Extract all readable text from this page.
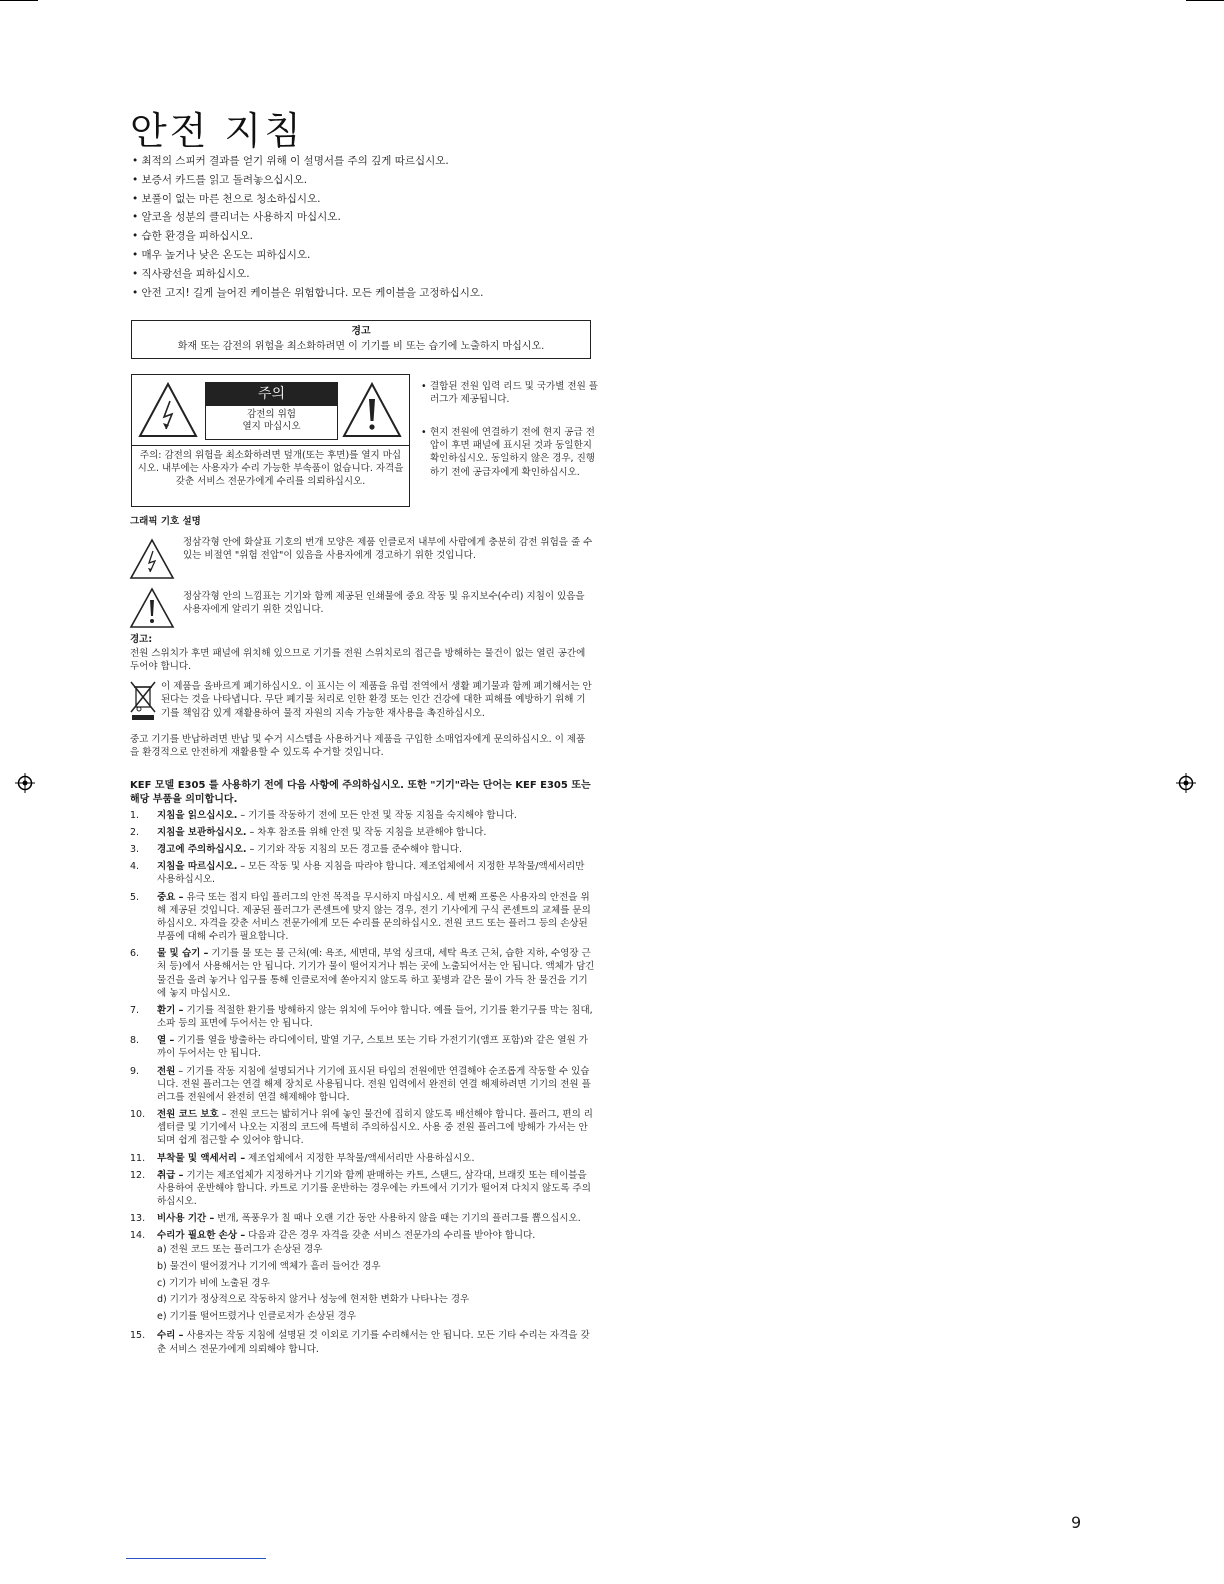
안전 지침
• 최적의 스피커 결과를 얻기 위해 이 설명서를 주의 깊게 따르십시오.
• 보증서 카드를 읽고 돌려놓으십시오.
• 보풀이 없는 마른 천으로 청소하십시오.
• 알코올 성분의 클리너는 사용하지 마십시오.
• 습한 환경을 피하십시오.
• 매우 높거나 낮은 온도는 피하십시오.
• 직사광선을 피하십시오.
• 안전 고지! 길게 늘어진 케이블은 위험합니다. 모든 케이블을 고정하십시오.
경고
화재 또는 감전의 위험을 최소화하려면 이 기기를 비 또는 습기에 노출하지 마십시오.
주의
감전의 위험
열지 마십시오
주의: 감전의 위험을 최소화하려면 덮개(또는 후면)를 열지 마십시오. 내부에는 사용자가 수리 가능한 부속품이 없습니다. 자격을 갖춘 서비스 전문가에게 수리를 의뢰하십시오.
• 결합된 전원 입력 리드 및 국가별 전원 플러그가 제공됩니다.
• 현지 전원에 연결하기 전에 현지 공급 전압이 후면 패널에 표시된 것과 동일한지 확인하십시오. 동일하지 않은 경우, 진행하기 전에 공급자에게 확인하십시오.
그래픽 기호 설명
정삼각형 안에 화살표 기호의 번개 모양은 제품 인클로저 내부에 사람에게 충분히 감전 위험을 줄 수 있는 비절연 "위험 전압"이 있음을 사용자에게 경고하기 위한 것입니다.
정삼각형 안의 느낌표는 기기와 함께 제공된 인쇄물에 중요 작동 및 유지보수(수리) 지침이 있음을 사용자에게 알리기 위한 것입니다.
경고:
전원 스위치가 후면 패널에 위치해 있으므로 기기를 전원 스위치로의 접근을 방해하는 물건이 없는 열린 공간에 두어야 합니다.
이 제품을 올바르게 폐기하십시오. 이 표시는 이 제품을 유럽 전역에서 생활 폐기물과 함께 폐기해서는 안 된다는 것을 나타냅니다. 무단 폐기물 처리로 인한 환경 또는 인간 건강에 대한 피해를 예방하기 위해 기기를 책임감 있게 재활용하여 물적 자원의 지속 가능한 재사용을 촉진하십시오.
중고 기기를 반납하려면 반납 및 수거 시스템을 사용하거나 제품을 구입한 소매업자에게 문의하십시오. 이 제품을 환경적으로 안전하게 재활용할 수 있도록 수거할 것입니다.
KEF 모델 E305 를 사용하기 전에 다음 사항에 주의하십시오. 또한 "기기"라는 단어는 KEF E305 또는 해당 부품을 의미합니다.
1. 지침을 읽으십시오. – 기기를 작동하기 전에 모든 안전 및 작동 지침을 숙지해야 합니다.
2. 지침을 보관하십시오. – 차후 참조를 위해 안전 및 작동 지침을 보관해야 합니다.
3. 경고에 주의하십시오. – 기기와 작동 지침의 모든 경고를 준수해야 합니다.
4. 지침을 따르십시오. – 모든 작동 및 사용 지침을 따라야 합니다. 제조업체에서 지정한 부착물/액세서리만 사용하십시오.
5. 중요 – 유극 또는 접지 타입 플러그의 안전 목적을 무시하지 마십시오. 세 번째 프롱은 사용자의 안전을 위해 제공된 것입니다. 제공된 플러그가 콘센트에 맞지 않는 경우, 전기 기사에게 구식 콘센트의 교체를 문의하십시오. 자격을 갖춘 서비스 전문가에게 모든 수리를 문의하십시오. 전원 코드 또는 플러그 등의 손상된 부품에 대해 수리가 필요합니다.
6. 물 및 습기 – 기기를 물 또는 물 근처(예: 욕조, 세면대, 부엌 싱크대, 세탁 욕조 근처, 습한 지하, 수영장 근처 등)에서 사용해서는 안 됩니다. 기기가 물이 떨어지거나 튀는 곳에 노출되어서는 안 됩니다. 액체가 담긴 물건을 올려 놓거나 입구를 통해 인클로저에 쏟아지지 않도록 하고 꽃병과 같은 물이 가득 찬 물건을 기기에 놓지 마십시오.
7. 환기 – 기기를 적절한 환기를 방해하지 않는 위치에 두어야 합니다. 예를 들어, 기기를 환기구를 막는 침대, 소파 등의 표면에 두어서는 안 됩니다.
8. 열 – 기기를 열을 방출하는 라디에이터, 발열 기구, 스토브 또는 기타 가전기기(앰프 포함)와 같은 열원 가까이 두어서는 안 됩니다.
9. 전원 – 기기를 작동 지침에 설명되거나 기기에 표시된 타입의 전원에만 연결해야 순조롭게 작동할 수 있습니다. 전원 플러그는 연결 해제 장치로 사용됩니다. 전원 입력에서 완전히 연결 해제하려면 기기의 전원 플러그를 전원에서 완전히 연결 해제해야 합니다.
10. 전원 코드 보호 – 전원 코드는 밟히거나 위에 놓인 물건에 집히지 않도록 배선해야 합니다. 플러그, 편의 리셉터클 및 기기에서 나오는 지점의 코드에 특별히 주의하십시오. 사용 중 전원 플러그에 방해가 가서는 안 되며 쉽게 접근할 수 있어야 합니다.
11. 부착물 및 액세서리 – 제조업체에서 지정한 부착물/액세서리만 사용하십시오.
12. 취급 – 기기는 제조업체가 지정하거나 기기와 함께 판매하는 카트, 스탠드, 삼각대, 브래킷 또는 테이블을 사용하여 운반해야 합니다. 카트로 기기를 운반하는 경우에는 카트에서 기기가 떨어져 다치지 않도록 주의하십시오.
13. 비사용 기간 – 번개, 폭풍우가 칠 때나 오랜 기간 동안 사용하지 않을 때는 기기의 플러그를 뽑으십시오.
14. 수리가 필요한 손상 – 다음과 같은 경우 자격을 갖춘 서비스 전문가의 수리를 받아야 합니다.
a) 전원 코드 또는 플러그가 손상된 경우
b) 물건이 떨어졌거나 기기에 액체가 흘러 들어간 경우
c) 기기가 비에 노출된 경우
d) 기기가 정상적으로 작동하지 않거나 성능에 현저한 변화가 나타나는 경우
e) 기기를 떨어뜨렸거나 인클로저가 손상된 경우
15. 수리 – 사용자는 작동 지침에 설명된 것 이외로 기기를 수리해서는 안 됩니다. 모든 기타 수리는 자격을 갖춘 서비스 전문가에게 의뢰해야 합니다.
9
